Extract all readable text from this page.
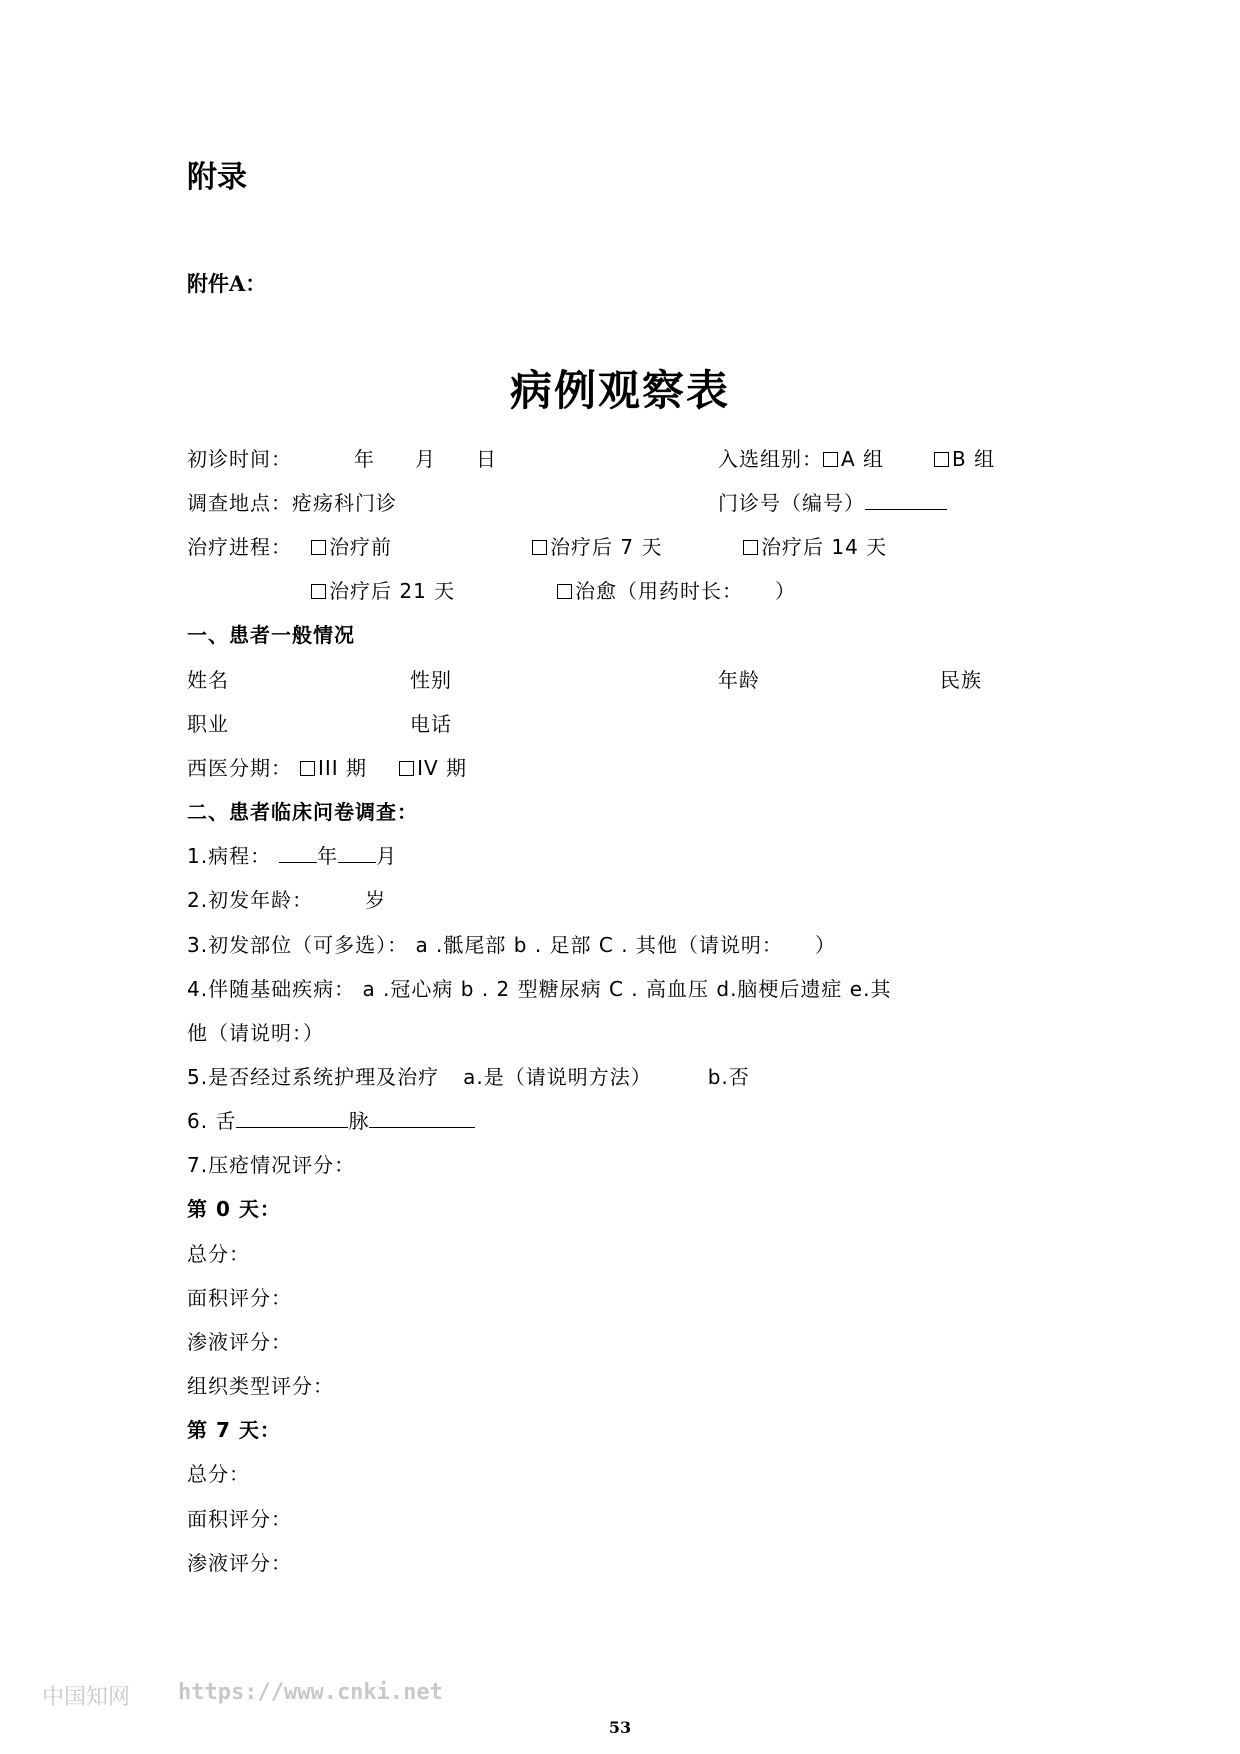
附录
附件A：
病例观察表
初诊时间：	年 月 日	入选组别： A 组	B 组
调查地点：疮疡科门诊	门诊号（编号）
治疗进程：	治疗前	治疗后 7 天	治疗后 14 天
治疗后 21 天	治愈（用药时长： ）
一、患者一般情况
姓名	性别	年龄	民族
职业	电话
西医分期： III 期	IV 期
二、患者临床问卷调查：
1.病程： 年 月
2.初发年龄：	岁
3.初发部位（可多选）： a .骶尾部 b . 足部 C . 其他（请说明： ）
4.伴随基础疾病： a .冠心病 b . 2 型糖尿病 C . 高血压 d.脑梗后遗症 e.其
他（请说明：）
5.是否经过系统护理及治疗 a.是（请说明方法）	b.否
6. 舌	脉
7.压疮情况评分：
第 0 天：
总分：
面积评分：
渗液评分：
组织类型评分：
第 7 天：
总分：
面积评分：
渗液评分：
中国知网 https://www.cnki.net
53
